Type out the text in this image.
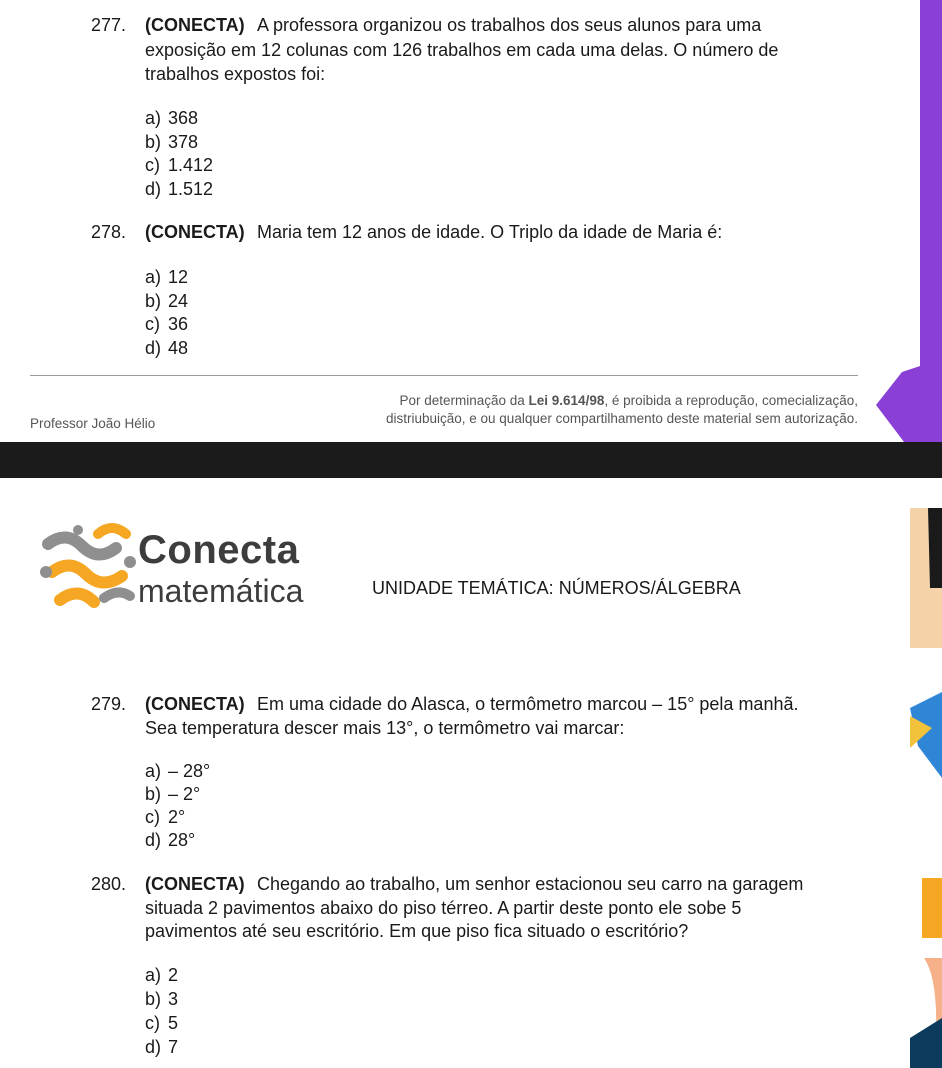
277. (CONECTA) A professora organizou os trabalhos dos seus alunos para uma
exposição em 12 colunas com 126 trabalhos em cada uma delas. O número de
trabalhos expostos foi:
a) 368
b) 378
c) 1.412
d) 1.512
278. (CONECTA) Maria tem 12 anos de idade. O Triplo da idade de Maria é:
a) 12
b) 24
c) 36
d) 48
Por determinação da Lei 9.614/98, é proibida a reprodução, comecialização,
distriubuição, e ou qualquer compartilhamento deste material sem autorização.
Professor João Hélio
MATEMÁTICA
Conecta
matemática	UNIDADE TEMÁTICA: NÚMEROS/ÁLGEBRA
279. (CONECTA) Em uma cidade do Alasca, o termômetro marcou – 15° pela manhã.
Sea temperatura descer mais 13°, o termômetro vai marcar:
a) – 28°
b) – 2°
c) 2°
d) 28°
280. (CONECTA) Chegando ao trabalho, um senhor estacionou seu carro na garagem
situada 2 pavimentos abaixo do piso térreo. A partir deste ponto ele sobe 5
pavimentos até seu escritório. Em que piso fica situado o escritório?
a) 2
b) 3
c) 5
d) 7
